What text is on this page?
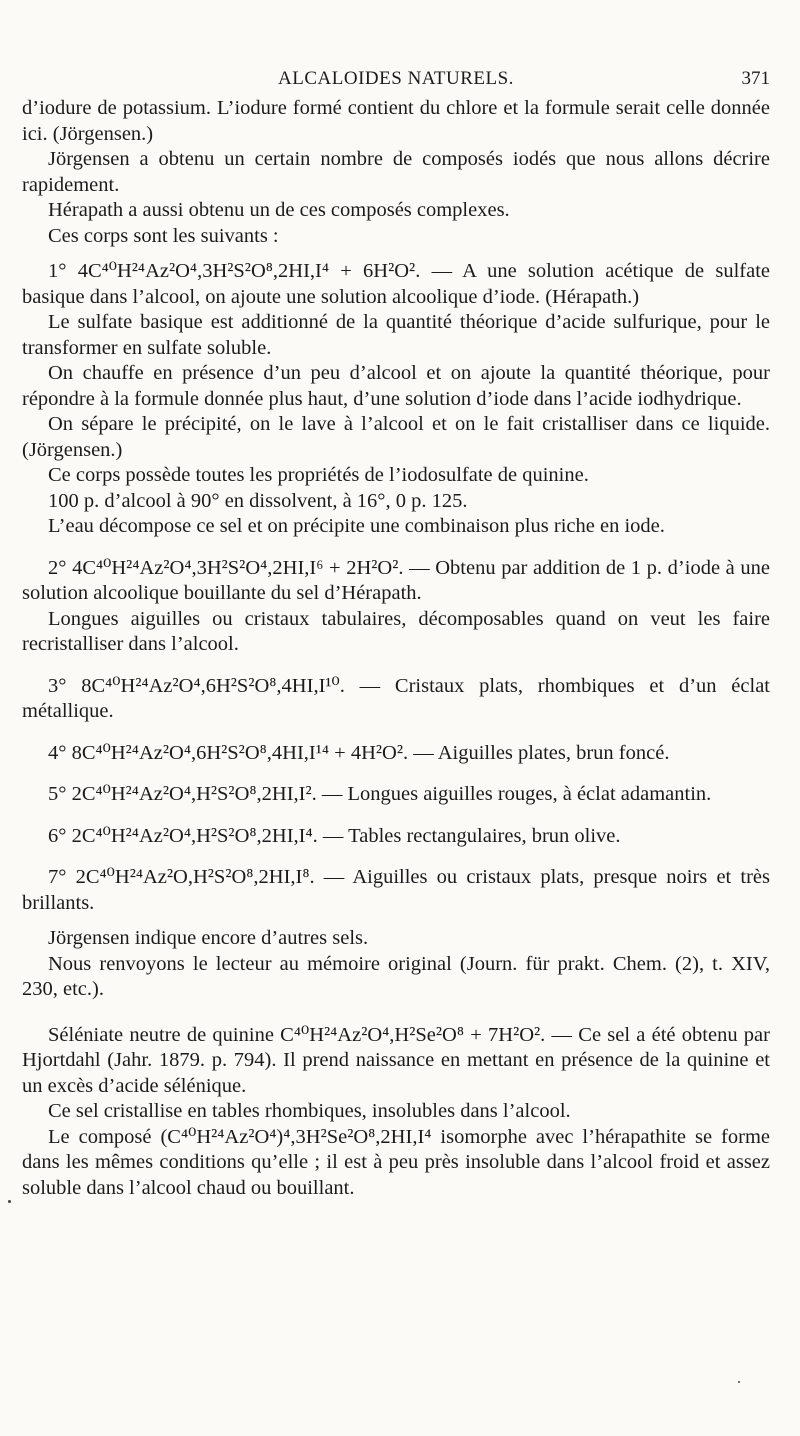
ALCALOIDES NATURELS.	371

d’iodure de potassium. L’iodure formé contient du chlore et la formule serait celle donnée ici. (Jörgensen.)

Jörgensen a obtenu un certain nombre de composés iodés que nous allons décrire rapidement.

Hérapath a aussi obtenu un de ces composés complexes.

Ces corps sont les suivants :

1° 4C⁴⁰H²⁴Az²O⁴,3H²S²O⁸,2HI,I⁴ + 6H²O². — A une solution acétique de sulfate basique dans l’alcool, on ajoute une solution alcoolique d’iode. (Hérapath.)

Le sulfate basique est additionné de la quantité théorique d’acide sulfurique, pour le transformer en sulfate soluble.

On chauffe en présence d’un peu d’alcool et on ajoute la quantité théorique, pour répondre à la formule donnée plus haut, d’une solution d’iode dans l’acide iodhydrique.

On sépare le précipité, on le lave à l’alcool et on le fait cristalliser dans ce liquide. (Jörgensen.)

Ce corps possède toutes les propriétés de l’iodosulfate de quinine.

100 p. d’alcool à 90° en dissolvent, à 16°, 0 p. 125.

L’eau décompose ce sel et on précipite une combinaison plus riche en iode.

2° 4C⁴⁰H²⁴Az²O⁴,3H²S²O⁴,2HI,I⁶ + 2H²O². — Obtenu par addition de 1 p. d’iode à une solution alcoolique bouillante du sel d’Hérapath.

Longues aiguilles ou cristaux tabulaires, décomposables quand on veut les faire recristalliser dans l’alcool.

3° 8C⁴⁰H²⁴Az²O⁴,6H²S²O⁸,4HI,I¹⁰. — Cristaux plats, rhombiques et d’un éclat métallique.

4° 8C⁴⁰H²⁴Az²O⁴,6H²S²O⁸,4HI,I¹⁴ + 4H²O². — Aiguilles plates, brun foncé.

5° 2C⁴⁰H²⁴Az²O⁴,H²S²O⁸,2HI,I². — Longues aiguilles rouges, à éclat adamantin.

6° 2C⁴⁰H²⁴Az²O⁴,H²S²O⁸,2HI,I⁴. — Tables rectangulaires, brun olive.

7° 2C⁴⁰H²⁴Az²O,H²S²O⁸,2HI,I⁸. — Aiguilles ou cristaux plats, presque noirs et très brillants.

Jörgensen indique encore d’autres sels.

Nous renvoyons le lecteur au mémoire original (Journ. für prakt. Chem. (2), t. XIV, 230, etc.).

Séléniate neutre de quinine C⁴⁰H²⁴Az²O⁴,H²Se²O⁸ + 7H²O². — Ce sel a été obtenu par Hjortdahl (Jahr. 1879. p. 794). Il prend naissance en mettant en présence de la quinine et un excès d’acide sélénique.

Ce sel cristallise en tables rhombiques, insolubles dans l’alcool.

Le composé (C⁴⁰H²⁴Az²O⁴)⁴,3H²Se²O⁸,2HI,I⁴ isomorphe avec l’hérapathite se forme dans les mêmes conditions qu’elle ; il est à peu près insoluble dans l’alcool froid et assez soluble dans l’alcool chaud ou bouillant.
